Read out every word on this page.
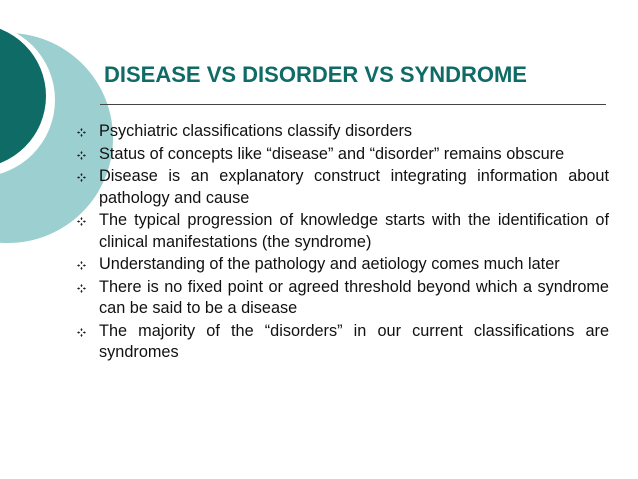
DISEASE VS DISORDER VS SYNDROME
Psychiatric classifications classify disorders
Status of concepts like “disease” and “disorder” remains obscure
Disease is an explanatory construct integrating information about pathology and cause
The typical progression of knowledge starts with the identification of clinical manifestations (the syndrome)
Understanding of the pathology and aetiology comes much later
There is no fixed point or agreed threshold beyond which a syndrome can be said to be a disease
The majority of the “disorders” in our current classifications are syndromes
